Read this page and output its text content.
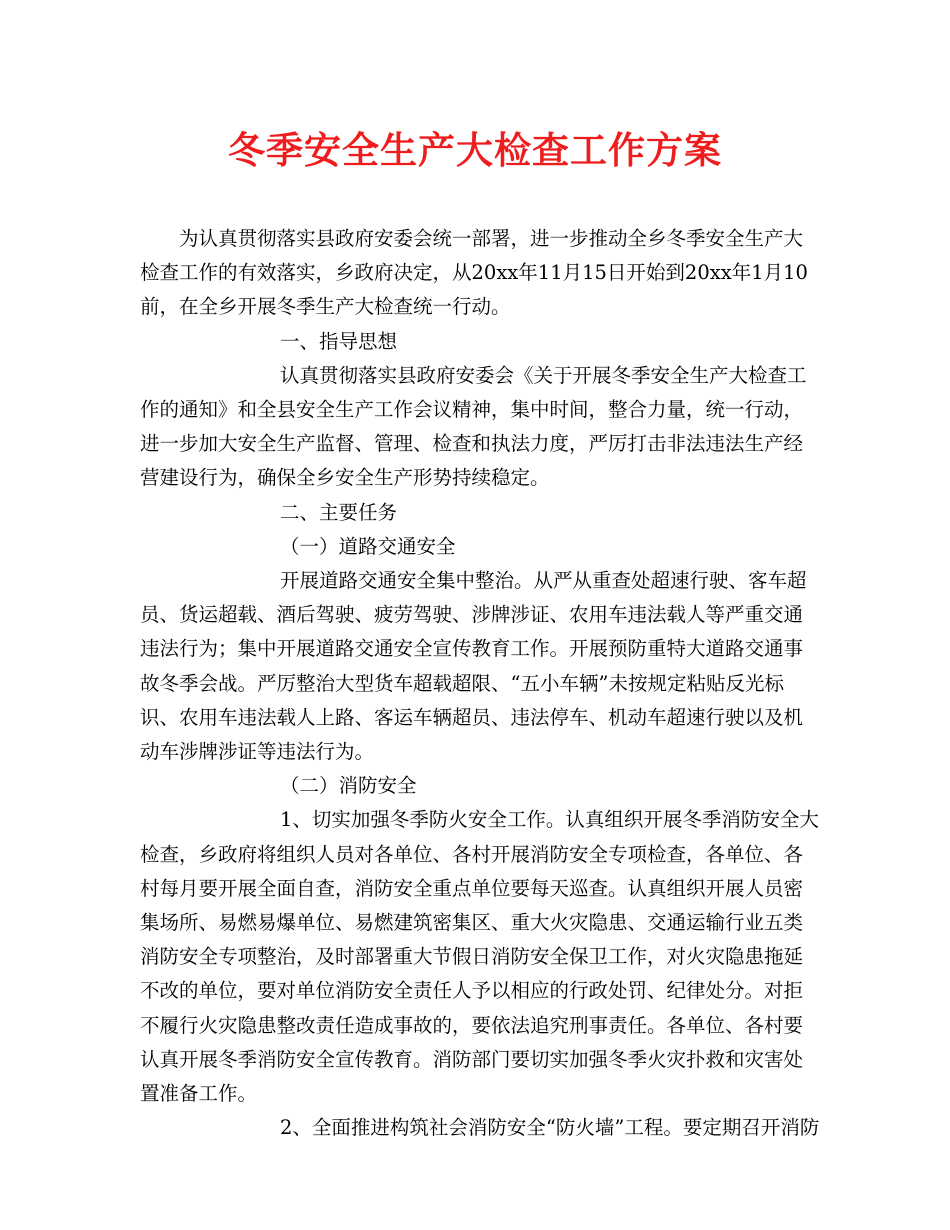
冬季安全生产大检查工作方案

为认真贯彻落实县政府安委会统一部署，进一步推动全乡冬季安全生产大检查工作的有效落实，乡政府决定，从20xx年11月15日开始到20xx年1月10前，在全乡开展冬季生产大检查统一行动。

一、指导思想

认真贯彻落实县政府安委会《关于开展冬季安全生产大检查工作的通知》和全县安全生产工作会议精神，集中时间，整合力量，统一行动，进一步加大安全生产监督、管理、检查和执法力度，严厉打击非法违法生产经营建设行为，确保全乡安全生产形势持续稳定。

二、主要任务

（一）道路交通安全

开展道路交通安全集中整治。从严从重查处超速行驶、客车超员、货运超载、酒后驾驶、疲劳驾驶、涉牌涉证、农用车违法载人等严重交通违法行为；集中开展道路交通安全宣传教育工作。开展预防重特大道路交通事故冬季会战。严厉整治大型货车超载超限、“五小车辆”未按规定粘贴反光标识、农用车违法载人上路、客运车辆超员、违法停车、机动车超速行驶以及机动车涉牌涉证等违法行为。

（二）消防安全

1、切实加强冬季防火安全工作。认真组织开展冬季消防安全大检查，乡政府将组织人员对各单位、各村开展消防安全专项检查，各单位、各村每月要开展全面自查，消防安全重点单位要每天巡查。认真组织开展人员密集场所、易燃易爆单位、易燃建筑密集区、重大火灾隐患、交通运输行业五类消防安全专项整治，及时部署重大节假日消防安全保卫工作，对火灾隐患拖延不改的单位，要对单位消防安全责任人予以相应的行政处罚、纪律处分。对拒不履行火灾隐患整改责任造成事故的，要依法追究刑事责任。各单位、各村要认真开展冬季消防安全宣传教育。消防部门要切实加强冬季火灾扑救和灾害处置准备工作。

2、全面推进构筑社会消防安全“防火墙”工程。要定期召开消防
